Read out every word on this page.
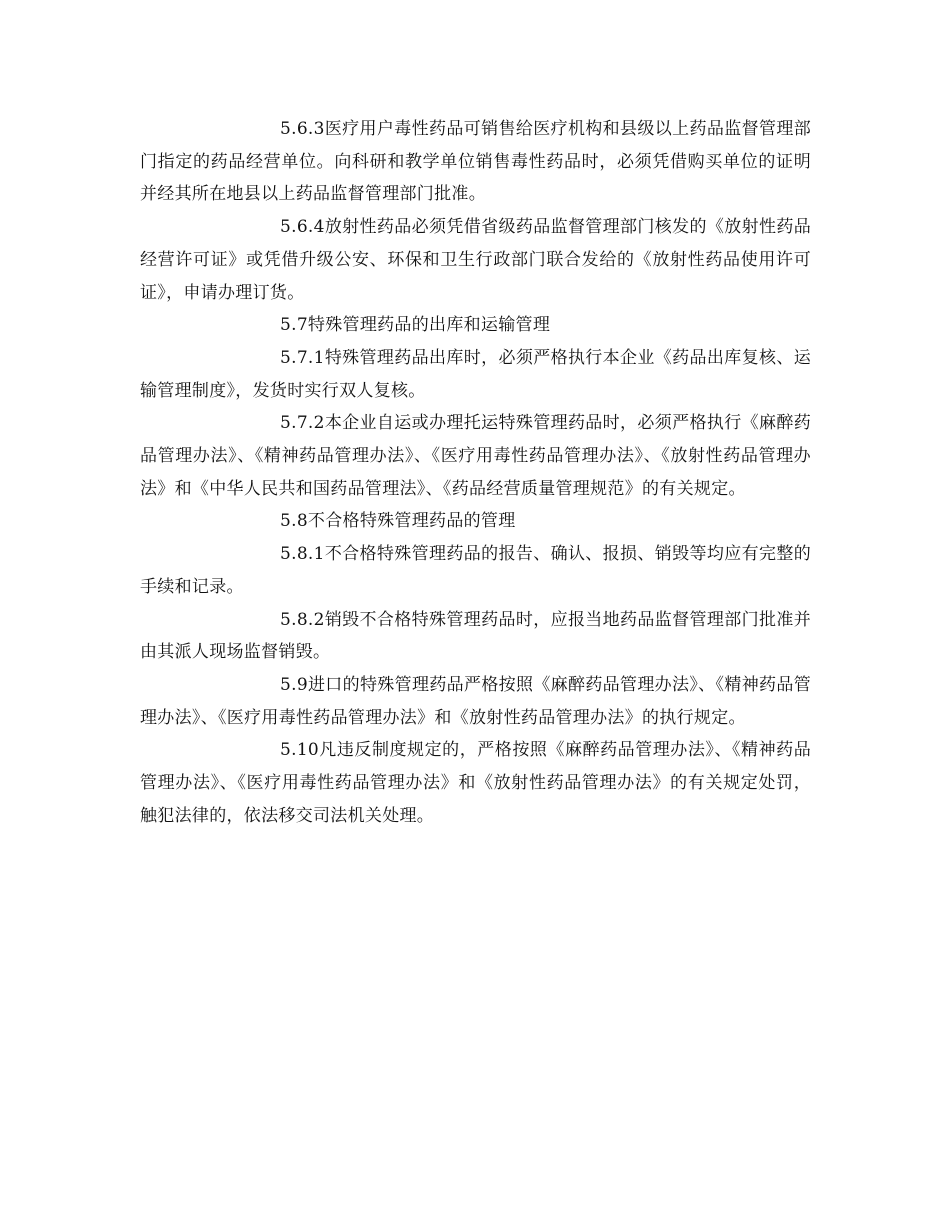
5.6.3医疗用户毒性药品可销售给医疗机构和县级以上药品监督管理部门指定的药品经营单位。向科研和教学单位销售毒性药品时，必须凭借购买单位的证明并经其所在地县以上药品监督管理部门批准。

5.6.4放射性药品必须凭借省级药品监督管理部门核发的《放射性药品经营许可证》或凭借升级公安、环保和卫生行政部门联合发给的《放射性药品使用许可证》，申请办理订货。

5.7特殊管理药品的出库和运输管理

5.7.1特殊管理药品出库时，必须严格执行本企业《药品出库复核、运输管理制度》，发货时实行双人复核。

5.7.2本企业自运或办理托运特殊管理药品时，必须严格执行《麻醉药品管理办法》、《精神药品管理办法》、《医疗用毒性药品管理办法》、《放射性药品管理办法》和《中华人民共和国药品管理法》、《药品经营质量管理规范》的有关规定。

5.8不合格特殊管理药品的管理

5.8.1不合格特殊管理药品的报告、确认、报损、销毁等均应有完整的手续和记录。

5.8.2销毁不合格特殊管理药品时，应报当地药品监督管理部门批准并由其派人现场监督销毁。

5.9进口的特殊管理药品严格按照《麻醉药品管理办法》、《精神药品管理办法》、《医疗用毒性药品管理办法》和《放射性药品管理办法》的执行规定。

5.10凡违反制度规定的，严格按照《麻醉药品管理办法》、《精神药品管理办法》、《医疗用毒性药品管理办法》和《放射性药品管理办法》的有关规定处罚，触犯法律的，依法移交司法机关处理。
